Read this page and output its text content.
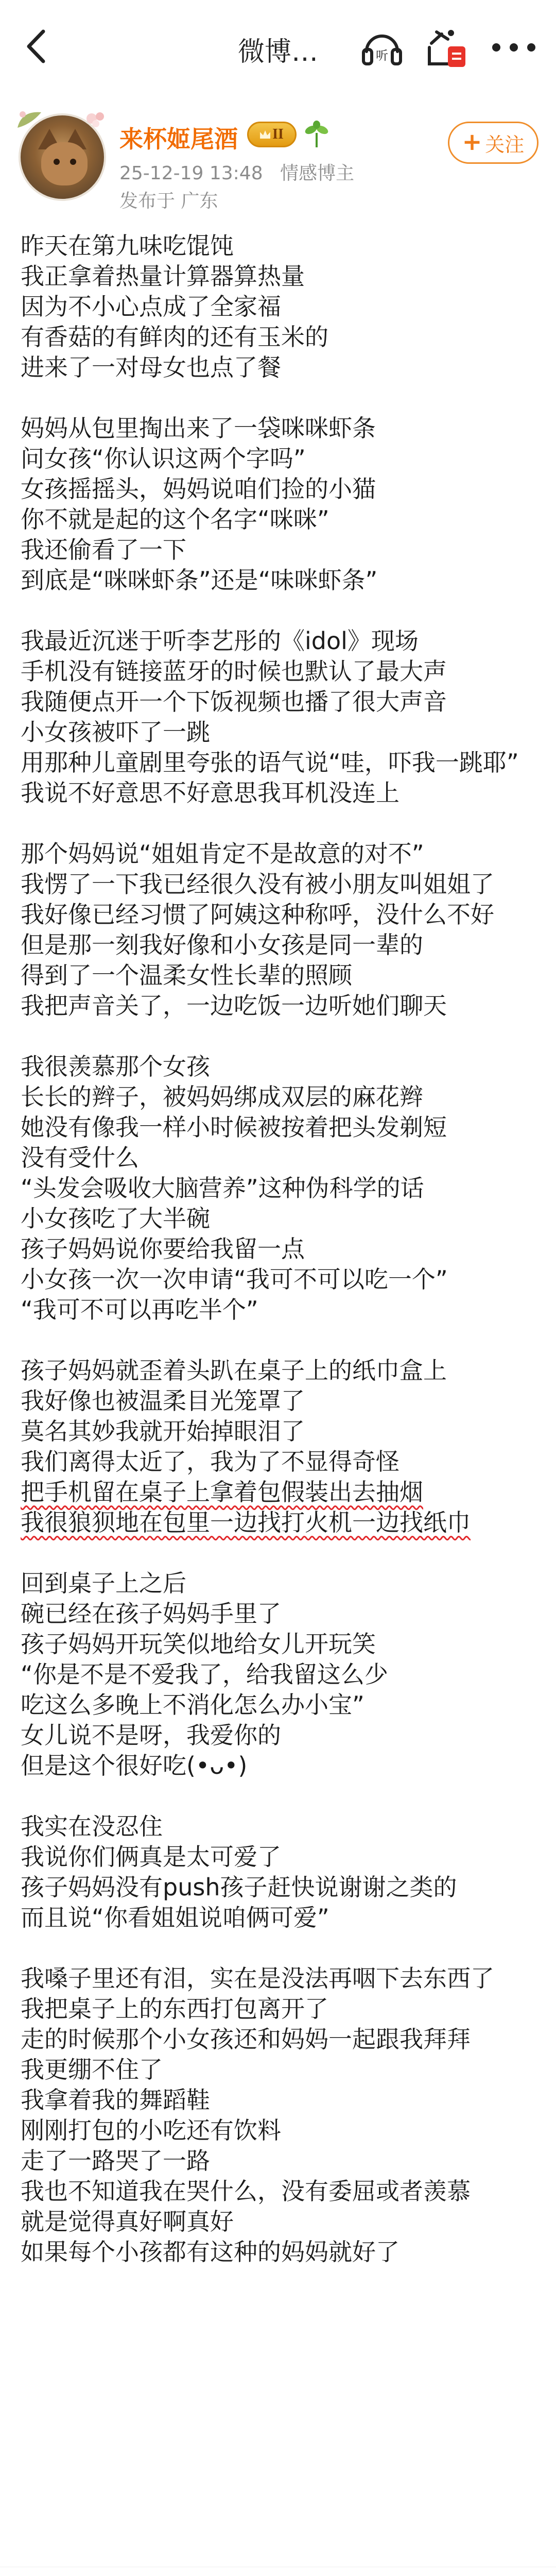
微博…	听
来杯姬尾酒 II
25-12-19 13:48 情感博主
发布于 广东
+ 关注

昨天在第九味吃馄饨

我正拿着热量计算器算热量

因为不小心点成了全家福

有香菇的有鲜肉的还有玉米的

进来了一对母女也点了餐

妈妈从包里掏出来了一袋咪咪虾条

问女孩“你认识这两个字吗”

女孩摇摇头，妈妈说咱们捡的小猫

你不就是起的这个名字“咪咪”

我还偷看了一下

到底是“咪咪虾条”还是“味咪虾条”

我最近沉迷于听李艺彤的《idol》现场

手机没有链接蓝牙的时候也默认了最大声

我随便点开一个下饭视频也播了很大声音

小女孩被吓了一跳

用那种儿童剧里夸张的语气说“哇，吓我一跳耶”

我说不好意思不好意思我耳机没连上

那个妈妈说“姐姐肯定不是故意的对不”

我愣了一下我已经很久没有被小朋友叫姐姐了

我好像已经习惯了阿姨这种称呼，没什么不好

但是那一刻我好像和小女孩是同一辈的

得到了一个温柔女性长辈的照顾

我把声音关了，一边吃饭一边听她们聊天

我很羡慕那个女孩

长长的辫子，被妈妈绑成双层的麻花辫

她没有像我一样小时候被按着把头发剃短

没有受什么

“头发会吸收大脑营养”这种伪科学的话

小女孩吃了大半碗

孩子妈妈说你要给我留一点

小女孩一次一次申请“我可不可以吃一个”

“我可不可以再吃半个”

孩子妈妈就歪着头趴在桌子上的纸巾盒上

我好像也被温柔目光笼罩了

莫名其妙我就开始掉眼泪了

我们离得太近了，我为了不显得奇怪

把手机留在桌子上拿着包假装出去抽烟

我很狼狈地在包里一边找打火机一边找纸巾

回到桌子上之后

碗已经在孩子妈妈手里了

孩子妈妈开玩笑似地给女儿开玩笑

“你是不是不爱我了，给我留这么少

吃这么多晚上不消化怎么办小宝”

女儿说不是呀，我爱你的

但是这个很好吃(•ᴗ•)

我实在没忍住

我说你们俩真是太可爱了

孩子妈妈没有push孩子赶快说谢谢之类的

而且说“你看姐姐说咱俩可爱”

我嗓子里还有泪，实在是没法再咽下去东西了

我把桌子上的东西打包离开了

走的时候那个小女孩还和妈妈一起跟我拜拜

我更绷不住了

我拿着我的舞蹈鞋

刚刚打包的小吃还有饮料

走了一路哭了一路

我也不知道我在哭什么，没有委屈或者羡慕

就是觉得真好啊真好

如果每个小孩都有这种的妈妈就好了
